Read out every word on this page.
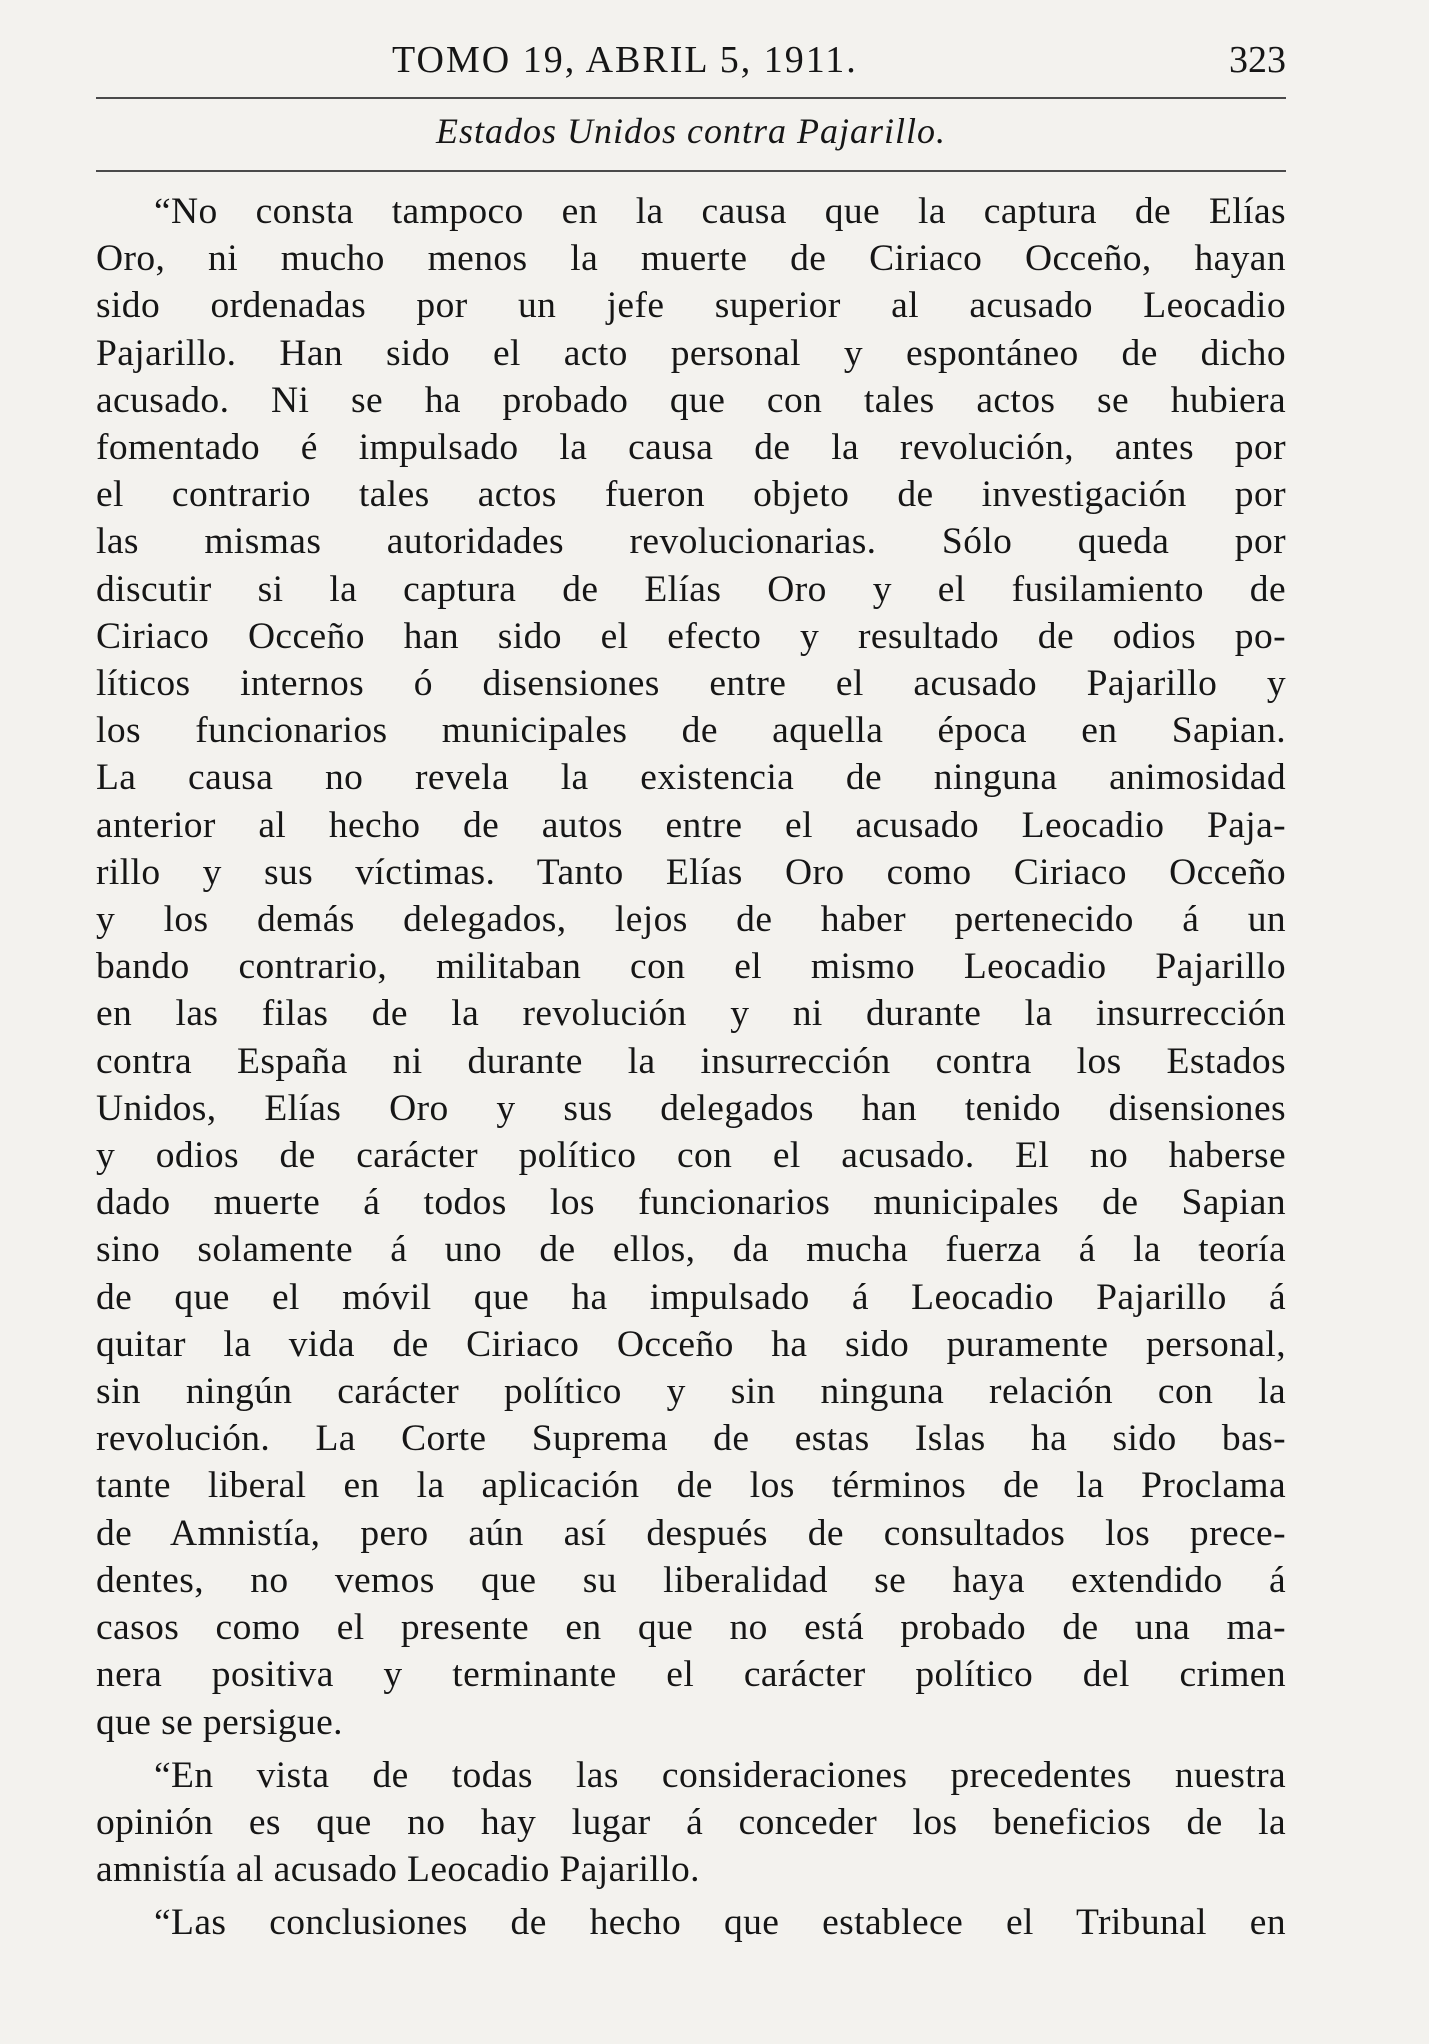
TOMO 19, ABRIL 5, 1911.	323
Estados Unidos contra Pajarillo.

“No consta tampoco en la causa que la captura de Elías
Oro, ni mucho menos la muerte de Ciriaco Occeño, hayan
sido ordenadas por un jefe superior al acusado Leocadio
Pajarillo. Han sido el acto personal y espontáneo de dicho
acusado. Ni se ha probado que con tales actos se hubiera
fomentado é impulsado la causa de la revolución, antes por
el contrario tales actos fueron objeto de investigación por
las mismas autoridades revolucionarias. Sólo queda por
discutir si la captura de Elías Oro y el fusilamiento de
Ciriaco Occeño han sido el efecto y resultado de odios po-
líticos internos ó disensiones entre el acusado Pajarillo y
los funcionarios municipales de aquella época en Sapian.
La causa no revela la existencia de ninguna animosidad
anterior al hecho de autos entre el acusado Leocadio Paja-
rillo y sus víctimas. Tanto Elías Oro como Ciriaco Occeño
y los demás delegados, lejos de haber pertenecido á un
bando contrario, militaban con el mismo Leocadio Pajarillo
en las filas de la revolución y ni durante la insurrección
contra España ni durante la insurrección contra los Estados
Unidos, Elías Oro y sus delegados han tenido disensiones
y odios de carácter político con el acusado. El no haberse
dado muerte á todos los funcionarios municipales de Sapian
sino solamente á uno de ellos, da mucha fuerza á la teoría
de que el móvil que ha impulsado á Leocadio Pajarillo á
quitar la vida de Ciriaco Occeño ha sido puramente personal,
sin ningún carácter político y sin ninguna relación con la
revolución. La Corte Suprema de estas Islas ha sido bas-
tante liberal en la aplicación de los términos de la Proclama
de Amnistía, pero aún así después de consultados los prece-
dentes, no vemos que su liberalidad se haya extendido á
casos como el presente en que no está probado de una ma-
nera positiva y terminante el carácter político del crimen
que se persigue.

“En vista de todas las consideraciones precedentes nuestra
opinión es que no hay lugar á conceder los beneficios de la
amnistía al acusado Leocadio Pajarillo.

“Las conclusiones de hecho que establece el Tribunal en
